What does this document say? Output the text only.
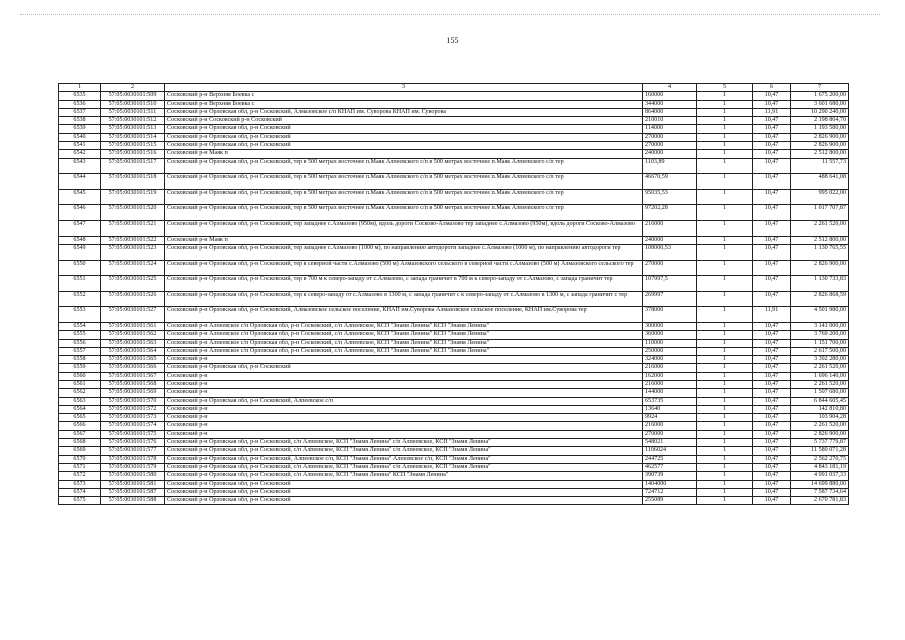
155
1	2	3	4	5	6	7
6535	57:05:0030101:509	Сосковский р-н Верхняя Боевка с	160000	1	10,47	1 675 200,00
6536	57:05:0030101:510	Сосковский р-н Верхняя Боевка с	344000	1	10,47	3 601 680,00
6537	57:05:0030101:511	Сосковский р-н Орловская обл, р-н Сосковский, Алмазовское с/п КНАП им. Суворова КНАП им. Суворова	864000	1	11,91	10 290 240,00
6538	57:05:0030101:512	Сосковский р-н Сосковский р-н Сосковский	210010	1	10,47	2 198 804,70
6539	57:05:0030101:513	Сосковский р-н Орловская обл, р-н Сосковский	114000	1	10,47	1 193 580,00
6540	57:05:0030101:514	Сосковский р-н Орловская обл, р-н Сосковский	270000	1	10,47	2 826 900,00
6541	57:05:0030101:515	Сосковский р-н Орловская обл, р-н Сосковский	270000	1	10,47	2 826 900,00
6542	57:05:0030101:516	Сосковский р-н Маяк п	240000	1	10,47	2 512 800,00
6543	57:05:0030101:517	Сосковский р-н Орловская обл, р-н Сосковский, тер в 500 метрах восточнее п.Маяк Алпеевского с/п в 500 метрах восточнее п.Маяк Алпеевского с/п тер	1103,89	1	10,47	11 557,73
6544	57:05:0030101:518	Сосковский р-н Орловская обл, р-н Сосковский, тер в 500 метрах восточнее п.Маяк Алпеевского с/п в 500 метрах восточнее п.Маяк Алпеевского с/п тер	46670,59	1	10,47	488 641,08
6545	57:05:0030101:519	Сосковский р-н Орловская обл, р-н Сосковский, тер в 500 метрах восточнее п.Маяк Алпеевского с/п в 500 метрах восточнее п.Маяк Алпеевского с/п тер	95035,53	1	10,47	995 022,00
6546	57:05:0030101:520	Сосковский р-н Орловская обл, р-н Сосковский, тер в 500 метрах восточнее п.Маяк Алпеевского с/п в 500 метрах восточнее п.Маяк Алпеевского с/п тер	97202,28	1	10,47	1 017 707,87
6547	57:05:0030101:521	Сосковский р-н Орловская обл, р-н Сосковский, тер западнее с.Алмазово (950м), вдоль дороги Сосково-Алмазово тер западнее с.Алмазово (950м), вдоль дороги Сосково-Алмазово	216000	1	10,47	2 261 520,00
6548	57:05:0030101:522	Сосковский р-н Маяк п	240000	1	10,47	2 512 800,00
6549	57:05:0030101:523	Сосковский р-н Орловская обл, р-н Сосковский, тер западнее с.Алмазово (1000 м), по направлению автодороги западнее с.Алмазово (1000 м), по направлению автодороги тер	108000,53	1	10,47	1 130 765,55
6550	57:05:0030101:524	Сосковский р-н Орловская обл, р-н Сосковский, тер в северной части с.Алмазово (500 м) Алмазовского сельского в северной части с.Алмазово (500 м) Алмазовского сельского тер	270000	1	10,47	2 826 900,00
6551	57:05:0030101:525	Сосковский р-н Орловская обл, р-н Сосковский, тер в 700 м к северо-западу от с.Алмазово, с запада граничит в 700 м к северо-западу от с.Алмазово, с запада граничит тер	107997,5	1	10,47	1 130 733,83
6552	57:05:0030101:526	Сосковский р-н Орловская обл, р-н Сосковский, тер к северо-западу от с.Алмазово в 1300 м, с запада граничит с к северо-западу от с.Алмазово в 1300 м, с запада граничит с тер	269997	1	10,47	2 826 868,59
6553	57:05:0030101:527	Сосковский р-н Орловская обл, р-н Сосковский, Алмазовское сельское поселение, КНАП им.Суворова Алмазовское сельское поселение, КНАП им.Суворова тер	378000	1	11,91	4 501 980,00
6554	57:05:0030101:561	Сосковский р-н Алпеевское с/п Орловская обл, р-н Сосковский, с/п Алпеевское, КСП "Знамя Ленина" КСП "Знамя Ленина"	300000	1	10,47	3 141 000,00
6555	57:05:0030101:562	Сосковский р-н Алпеевское с/п Орловская обл, р-н Сосковский, с/п Алпеевское, КСП "Знамя Ленина" КСП "Знамя Ленина"	360000	1	10,47	3 769 200,00
6556	57:05:0030101:563	Сосковский р-н Алпеевское с/п Орловская обл, р-н Сосковский, с/п Алпеевское, КСП "Знамя Ленина" КСП "Знамя Ленина"	110000	1	10,47	1 151 700,00
6557	57:05:0030101:564	Сосковский р-н Алпеевское с/п Орловская обл, р-н Сосковский, с/п Алпеевское, КСП "Знамя Ленина" КСП "Знамя Ленина"	250000	1	10,47	2 617 500,00
6558	57:05:0030101:565	Сосковский р-н	324000	1	10,47	3 392 280,00
6559	57:05:0030101:566	Сосковский р-н Орловская обл, р-н Сосковский	216000	1	10,47	2 261 520,00
6560	57:05:0030101:567	Сосковский р-н	162000	1	10,47	1 696 140,00
6561	57:05:0030101:568	Сосковский р-н	216000	1	10,47	2 261 520,00
6562	57:05:0030101:569	Сосковский р-н	144000	1	10,47	1 507 680,00
6563	57:05:0030101:570	Сосковский р-н Орловская обл, р-н Сосковский, Алпеевское с/п	653735	1	10,47	6 844 605,45
6564	57:05:0030101:572	Сосковский р-н	13640	1	10,47	142 810,80
6565	57:05:0030101:573	Сосковский р-н	9924	1	10,47	103 904,28
6566	57:05:0030101:574	Сосковский р-н	216000	1	10,47	2 261 520,00
6567	57:05:0030101:575	Сосковский р-н	270000	1	10,47	2 826 900,00
6568	57:05:0030101:576	Сосковский р-н Орловская обл, р-н Сосковский, с/п Алпеевское, КСП "Знамя Ленина" с/п Алпеевское, КСП "Знамя Ленина"	548021	1	10,47	5 737 779,87
6569	57:05:0030101:577	Сосковский р-н Орловская обл, р-н Сосковский, с/п Алпеевское, КСП "Знамя Ленина" с/п Алпеевское, КСП "Знамя Ленина"	1106024	1	10,47	11 580 071,28
6570	57:05:0030101:578	Сосковский р-н Орловская обл, р-н Сосковский, Алпеевское с/п, КСП "Знамя Ленина" Алпеевское с/п, КСП "Знамя Ленина"	244725	1	10,47	2 562 270,75
6571	57:05:0030101:579	Сосковский р-н Орловская обл, р-н Сосковский, с/п Алпеевское, КСП "Знамя Ленина" с/п Алпеевское, КСП "Знамя Ленина"	462577	1	10,47	4 843 181,19
6572	57:05:0030101:580	Сосковский р-н Орловская обл, р-н Сосковский, с/п Алпеевское, КСП "Знамя Ленина" КСП "Знамя Ленина"	390739	1	10,47	4 091 037,33
6573	57:05:0030101:581	Сосковский р-н Орловская обл, р-н Сосковский	1404000	1	10,47	14 699 880,00
6574	57:05:0030101:587	Сосковский р-н Орловская обл, р-н Сосковский	724712	1	10,47	7 587 734,64
6575	57:05:0030101:588	Сосковский р-н Орловская обл, р-н Сосковский	255089	1	10,47	2 670 781,83
